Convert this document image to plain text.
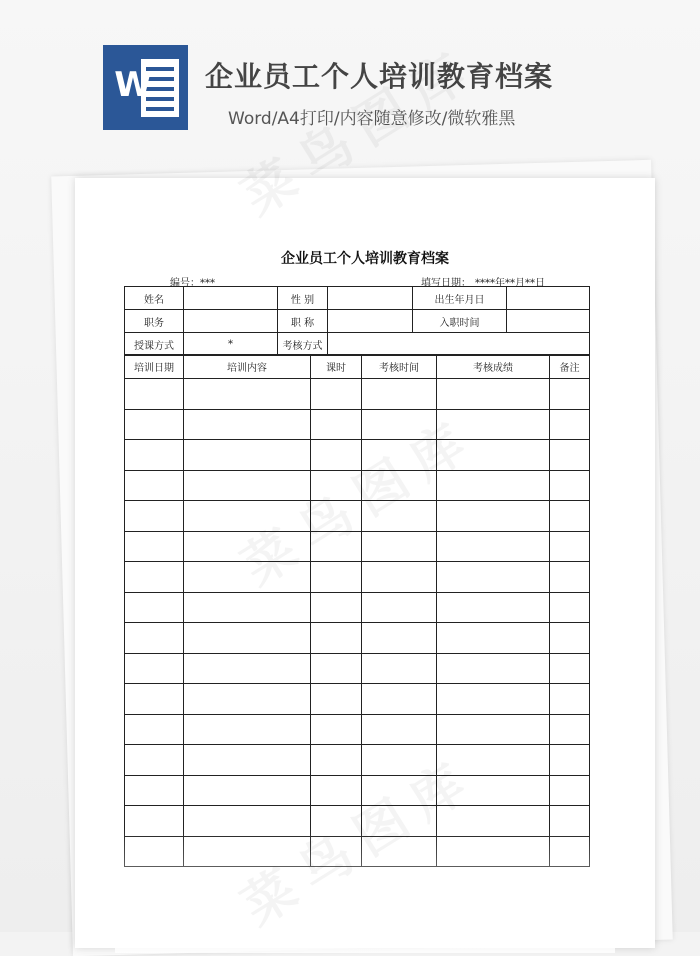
W 企业员工个人培训教育档案
Word/A4打印/内容随意修改/微软雅黑
企业员工个人培训教育档案
编号：***	填写日期： ****年**月**日
姓名		性 别		出生年月日	
职务		职 称		入职时间	
授课方式	*	考核方式			
培训日期	培训内容	课时	考核时间	考核成绩	备注
